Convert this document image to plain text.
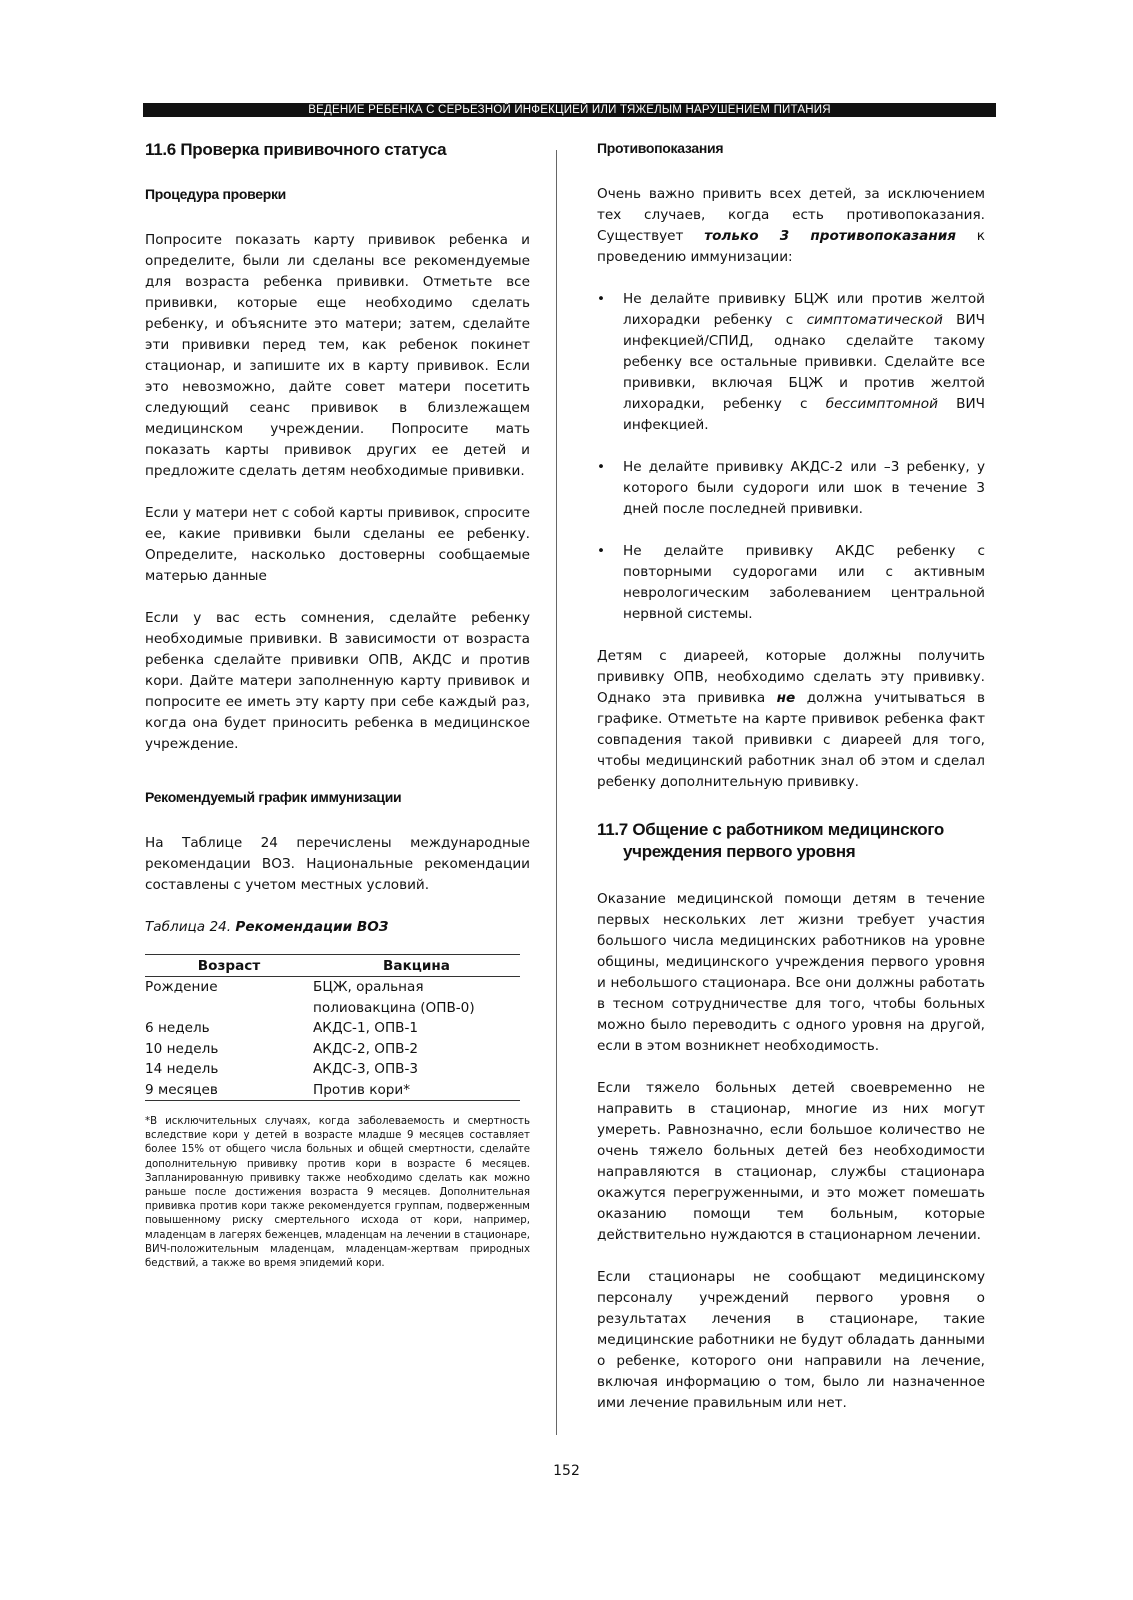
ВЕДЕНИЕ РЕБЕНКА С СЕРЬЕЗНОЙ ИНФЕКЦИЕЙ ИЛИ ТЯЖЕЛЫМ НАРУШЕНИЕМ ПИТАНИЯ
11.6 Проверка прививочного статуса
Процедура проверки

Попросите показать карту прививок ребенка и определите, были ли сделаны все рекомендуемые для возраста ребенка прививки. Отметьте все прививки, которые еще необходимо сделать ребенку, и объясните это матери; затем, сделайте эти прививки перед тем, как ребенок покинет стационар, и запишите их в карту прививок. Если это невозможно, дайте совет матери посетить следующий сеанс прививок в близлежащем медицинском учреждении. Попросите мать показать карты прививок других ее детей и предложите сделать детям необходимые прививки.

Если у матери нет с собой карты прививок, спросите ее, какие прививки были сделаны ее ребенку. Определите, насколько достоверны сообщаемые матерью данные

Если у вас есть сомнения, сделайте ребенку необходимые прививки. В зависимости от возраста ребенка сделайте прививки ОПВ, АКДС и против кори. Дайте матери заполненную карту прививок и попросите ее иметь эту карту при себе каждый раз, когда она будет приносить ребенка в медицинское учреждение.

Рекомендуемый график иммунизации

На Таблице 24 перечислены международные рекомендации ВОЗ. Национальные рекомендации составлены с учетом местных условий.

Таблица 24. Рекомендации ВОЗ
Возраст	Вакцина
Рождение	БЦЖ, оральная полиовакцина (ОПВ-0)
6 недель	АКДС-1, ОПВ-1
10 недель	АКДС-2, ОПВ-2
14 недель	АКДС-3, ОПВ-3
9 месяцев	Против кори*
*В исключительных случаях, когда заболеваемость и смертность вследствие кори у детей в возрасте младше 9 месяцев составляет более 15% от общего числа больных и общей смертности, сделайте дополнительную прививку против кори в возрасте 6 месяцев. Запланированную прививку также необходимо сделать как можно раньше после достижения возраста 9 месяцев. Дополнительная прививка против кори также рекомендуется группам, подверженным повышенному риску смертельного исхода от кори, например, младенцам в лагерях беженцев, младенцам на лечении в стационаре, ВИЧ-положительным младенцам, младенцам-жертвам природных бедствий, а также во время эпидемий кори.
Противопоказания

Очень важно привить всех детей, за исключением тех случаев, когда есть противопоказания. Существует только 3 противопоказания к проведению иммунизации:

• Не делайте прививку БЦЖ или против желтой лихорадки ребенку с симптоматической ВИЧ инфекцией/СПИД, однако сделайте такому ребенку все остальные прививки. Сделайте все прививки, включая БЦЖ и против желтой лихорадки, ребенку с бессимптомной ВИЧ инфекцией.
• Не делайте прививку АКДС-2 или –3 ребенку, у которого были судороги или шок в течение 3 дней после последней прививки.
• Не делайте прививку АКДС ребенку с повторными судорогами или с активным неврологическим заболеванием центральной нервной системы.

Детям с диареей, которые должны получить прививку ОПВ, необходимо сделать эту прививку. Однако эта прививка не должна учитываться в графике. Отметьте на карте прививок ребенка факт совпадения такой прививки с диареей для того, чтобы медицинский работник знал об этом и сделал ребенку дополнительную прививку.

11.7 Общение с работником медицинского
учреждения первого уровня

Оказание медицинской помощи детям в течение первых нескольких лет жизни требует участия большого числа медицинских работников на уровне общины, медицинского учреждения первого уровня и небольшого стационара. Все они должны работать в тесном сотрудничестве для того, чтобы больных можно было переводить с одного уровня на другой, если в этом возникнет необходимость.

Если тяжело больных детей своевременно не направить в стационар, многие из них могут умереть. Равнозначно, если большое количество не очень тяжело больных детей без необходимости направляются в стационар, службы стационара окажутся перегруженными, и это может помешать оказанию помощи тем больным, которые действительно нуждаются в стационарном лечении.

Если стационары не сообщают медицинскому персоналу учреждений первого уровня о результатах лечения в стационаре, такие медицинские работники не будут обладать данными о ребенке, которого они направили на лечение, включая информацию о том, было ли назначенное ими лечение правильным или нет.

152
